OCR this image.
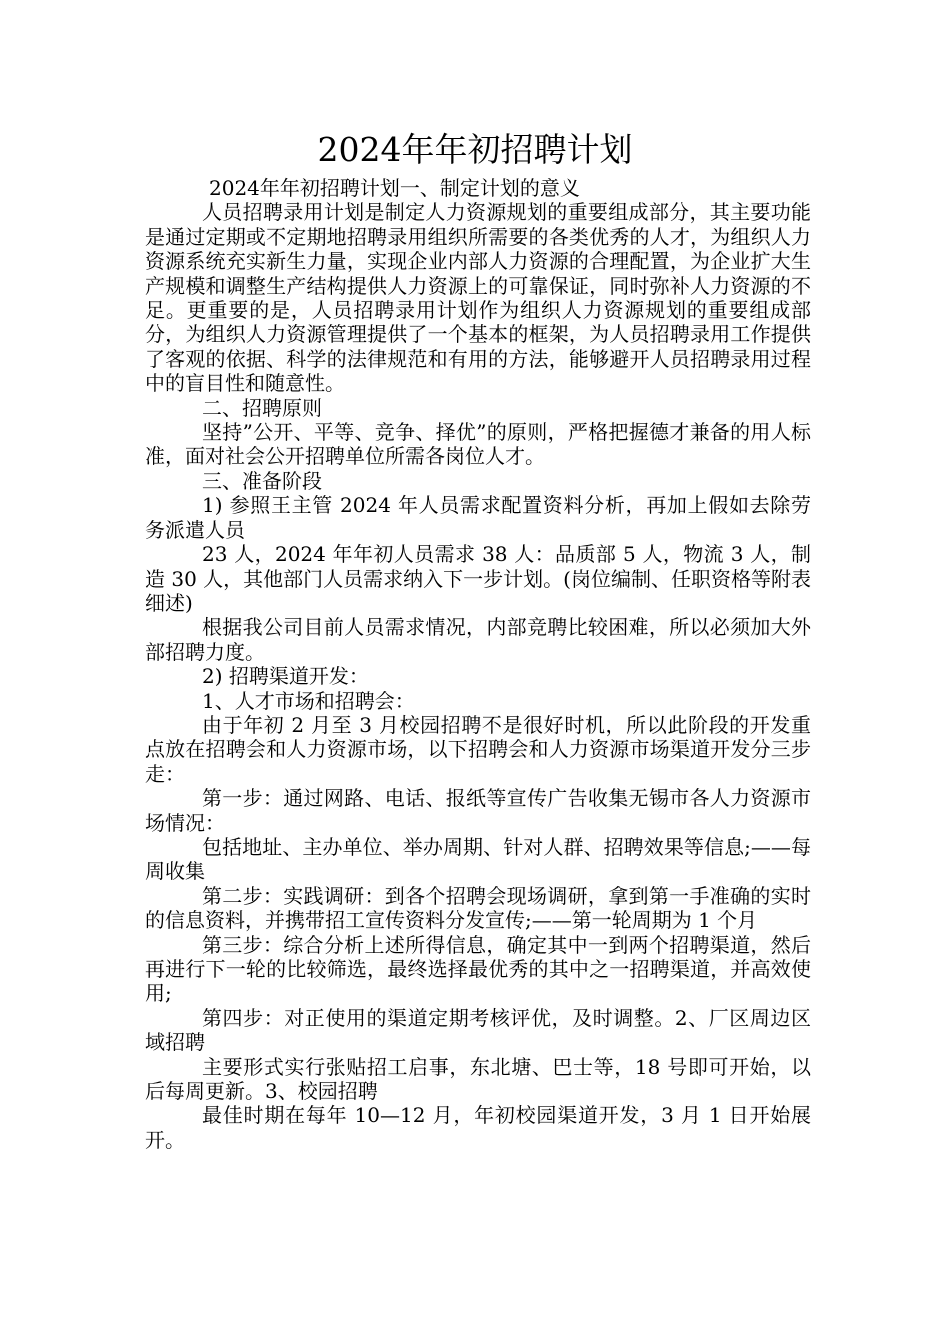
2024年年初招聘计划

2024年年初招聘计划一、制定计划的意义

人员招聘录用计划是制定人力资源规划的重要组成部分，其主要功能是通过定期或不定期地招聘录用组织所需要的各类优秀的人才，为组织人力资源系统充实新生力量，实现企业内部人力资源的合理配置，为企业扩大生产规模和调整生产结构提供人力资源上的可靠保证，同时弥补人力资源的不足。更重要的是，人员招聘录用计划作为组织人力资源规划的重要组成部分，为组织人力资源管理提供了一个基本的框架，为人员招聘录用工作提供了客观的依据、科学的法律规范和有用的方法，能够避开人员招聘录用过程中的盲目性和随意性。

二、招聘原则

坚持”公开、平等、竞争、择优”的原则，严格把握德才兼备的用人标准，面对社会公开招聘单位所需各岗位人才。

三、准备阶段

1) 参照王主管 2024 年人员需求配置资料分析，再加上假如去除劳务派遣人员

23 人，2024 年年初人员需求 38 人：品质部 5 人，物流 3 人，制造 30 人，其他部门人员需求纳入下一步计划。(岗位编制、任职资格等附表细述)

根据我公司目前人员需求情况，内部竞聘比较困难，所以必须加大外部招聘力度。

2) 招聘渠道开发：

1、人才市场和招聘会：

由于年初 2 月至 3 月校园招聘不是很好时机，所以此阶段的开发重点放在招聘会和人力资源市场，以下招聘会和人力资源市场渠道开发分三步走：

第一步：通过网路、电话、报纸等宣传广告收集无锡市各人力资源市场情况：

包括地址、主办单位、举办周期、针对人群、招聘效果等信息;——每周收集

第二步：实践调研：到各个招聘会现场调研，拿到第一手准确的实时的信息资料，并携带招工宣传资料分发宣传;——第一轮周期为 1 个月

第三步：综合分析上述所得信息，确定其中一到两个招聘渠道，然后再进行下一轮的比较筛选，最终选择最优秀的其中之一招聘渠道，并高效使用;

第四步：对正使用的渠道定期考核评优，及时调整。2、厂区周边区域招聘

主要形式实行张贴招工启事，东北塘、巴士等，18 号即可开始，以后每周更新。3、校园招聘

最佳时期在每年 10—12 月，年初校园渠道开发，3 月 1 日开始展开。
